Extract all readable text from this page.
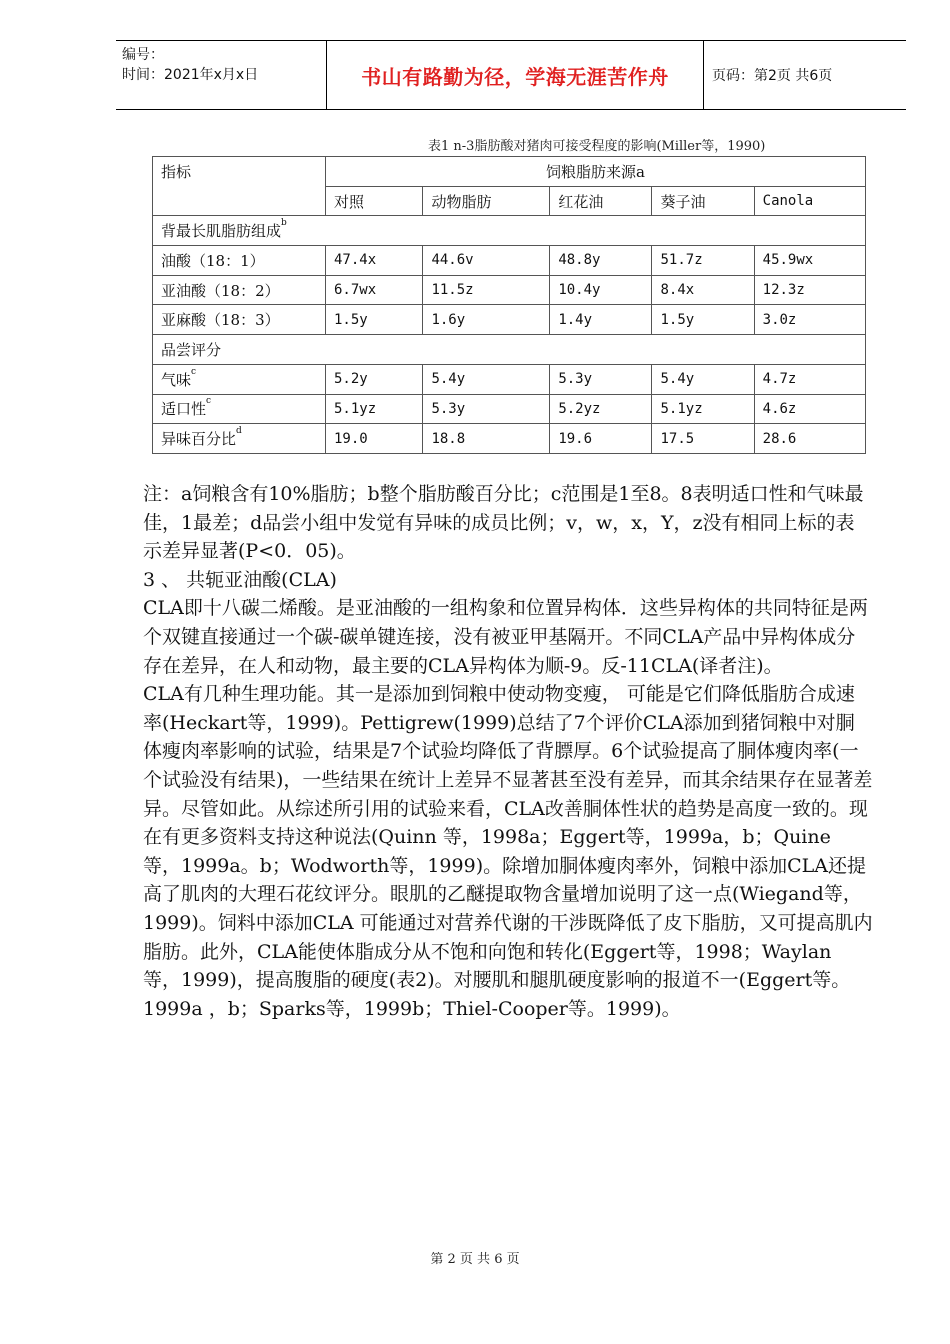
编号：
时间：2021年x月x日	书山有路勤为径，学海无涯苦作舟	页码：第2页 共6页
表1 n-3脂肪酸对猪肉可接受程度的影响(Miller等，1990)
指标	饲粮脂肪来源a				
	对照	动物脂肪	红花油	葵子油	Canola
背最长肌脂肪组成$^b$
油酸（18：1）	47.4x	44.6v	48.8y	51.7z	45.9wx
亚油酸（18：2）	6.7wx	11.5z	10.4y	8.4x	12.3z
亚麻酸（18：3）	1.5y	1.6y	1.4y	1.5y	3.0z
品尝评分					
气味$^c$	5.2y	5.4y	5.3y	5.4y	4.7z
适口性$^c$	5.1yz	5.3y	5.2yz	5.1yz	4.6z
异味百分比$^d$	19.0	18.8	19.6	17.5	28.6

注：a饲粮含有10%脂肪；b整个脂肪酸百分比；c范围是1至8。8表明适口性和气味最佳，1最差；d品尝小组中发觉有异味的成员比例；v，w，x，Y，z没有相同上标的表示差异显著(P<0．05)。

3 、 共轭亚油酸(CLA)

CLA即十八碳二烯酸。是亚油酸的一组构象和位置异构体．这些异构体的共同特征是两个双键直接通过一个碳-碳单键连接，没有被亚甲基隔开。不同CLA产品中异构体成分存在差异，在人和动物，最主要的CLA异构体为顺-9。反-11CLA(译者注)。

CLA有几种生理功能。其一是添加到饲粮中使动物变瘦， 可能是它们降低脂肪合成速率(Heckart等，1999)。Pettigrew(1999)总结了7个评价CLA添加到猪饲粮中对胴体瘦肉率影响的试验，结果是7个试验均降低了背膘厚。6个试验提高了胴体瘦肉率(一个试验没有结果)，一些结果在统计上差异不显著甚至没有差异，而其余结果存在显著差异。尽管如此。从综述所引用的试验来看，CLA改善胴体性状的趋势是高度一致的。现在有更多资料支持这种说法(Quinn 等，1998a；Eggert等，1999a，b；Quine 等，1999a。b；Wodworth等，1999)。除增加胴体瘦肉率外，饲粮中添加CLA还提高了肌肉的大理石花纹评分。眼肌的乙醚提取物含量增加说明了这一点(Wiegand等，1999)。饲料中添加CLA 可能通过对营养代谢的干涉既降低了皮下脂肪，又可提高肌内脂肪。此外，CLA能使体脂成分从不饱和向饱和转化(Eggert等，1998；Waylan 等，1999)，提高腹脂的硬度(表2)。对腰肌和腿肌硬度影响的报道不一(Eggert等。1999a ，b；Sparks等，1999b；Thiel-Cooper等。1999)。

第 2 页 共 6 页
